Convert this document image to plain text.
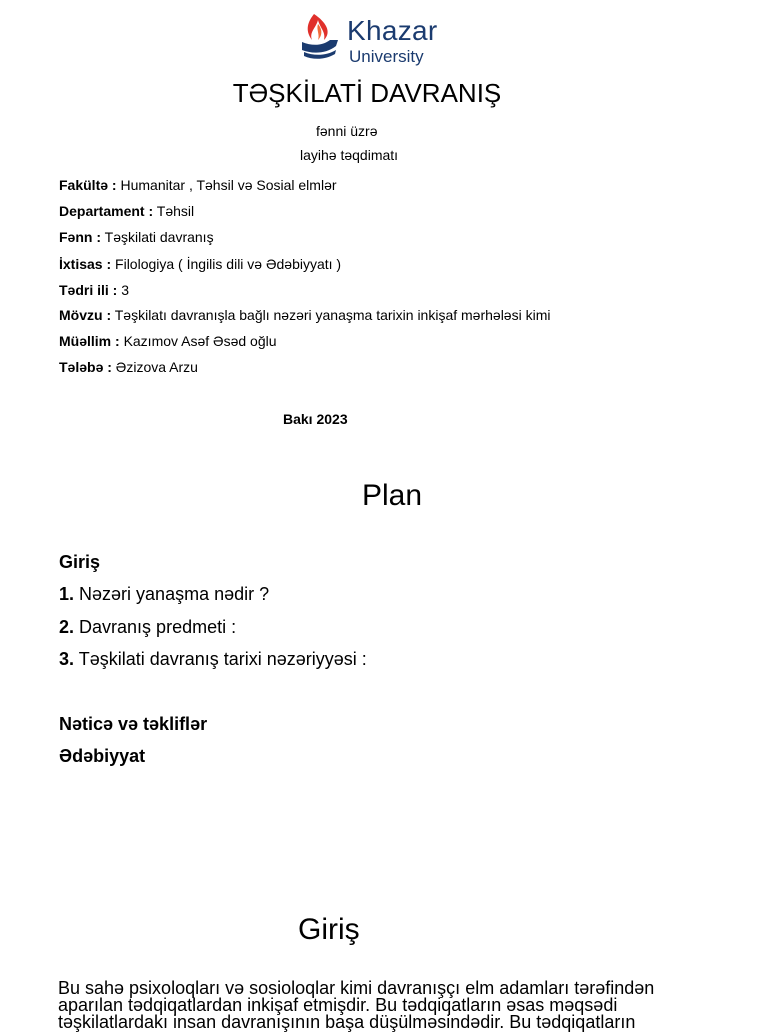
Khazar
University
TƏŞKİLATİ DAVRANIŞ
fənni üzrə
layihə təqdimatı
Fakültə : Humanitar , Təhsil və Sosial elmlər
Departament : Təhsil
Fənn : Təşkilati davranış
İxtisas : Filologiya ( İngilis dili və Ədəbiyyatı )
Tədri ili : 3
Mövzu : Təşkilatı davranışla bağlı nəzəri yanaşma tarixin inkişaf mərhələsi kimi
Müəllim : Kazımov Asəf Əsəd oğlu
Tələbə : Əzizova Arzu
Bakı 2023
Plan
Giriş
1. Nəzəri yanaşma nədir ?
2. Davranış predmeti :
3. Təşkilati davranış tarixi nəzəriyyəsi :
Nəticə və təkliflər
Ədəbiyyat
Giriş
Bu sahə psixoloqları və sosioloqlar kimi davranışçı elm adamları tərəfindən aparılan tədqiqatlardan inkişaf etmişdir. Bu tədqiqatların əsas məqsədi təşkilatlardakı insan davranışının başa düşülməsindədir. Bu tədqiqatların
